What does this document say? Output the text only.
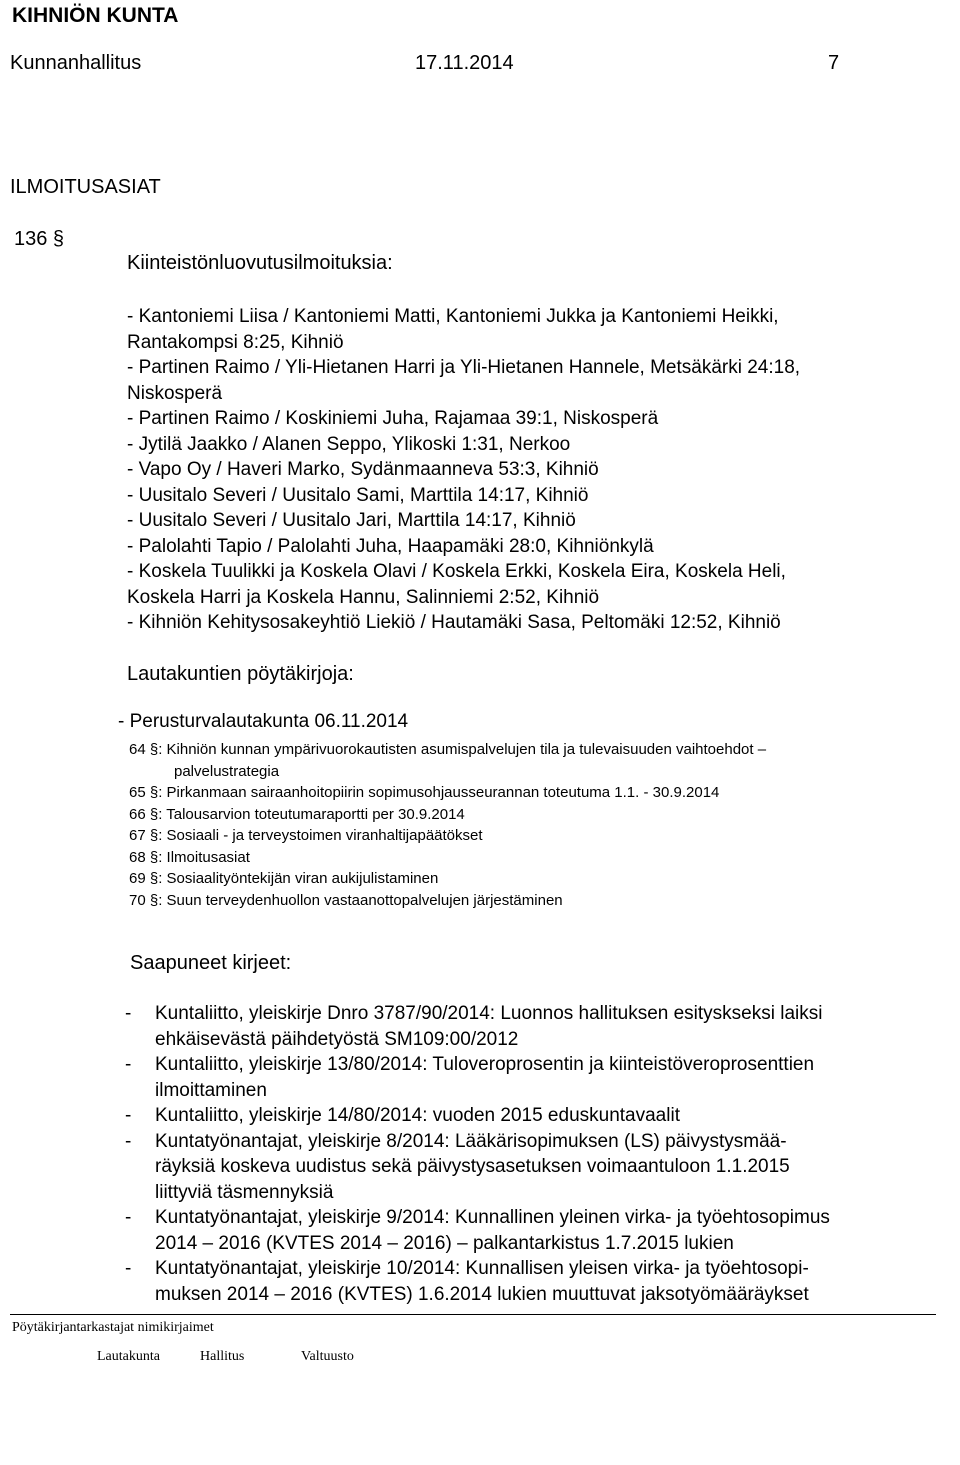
KIHNIÖN KUNTA
Kunnanhallitus	17.11.2014	7
ILMOITUSASIAT
136 §
Kiinteistönluovutusilmoituksia:
- Kantoniemi Liisa / Kantoniemi Matti, Kantoniemi Jukka ja Kantoniemi Heikki,
Rantakompsi 8:25, Kihniö
- Partinen Raimo / Yli-Hietanen Harri ja Yli-Hietanen Hannele, Metsäkärki 24:18,
Niskosperä
- Partinen Raimo / Koskiniemi Juha, Rajamaa 39:1, Niskosperä
- Jytilä Jaakko / Alanen Seppo, Ylikoski 1:31, Nerkoo
- Vapo Oy / Haveri Marko, Sydänmaanneva 53:3, Kihniö
- Uusitalo Severi / Uusitalo Sami, Marttila 14:17, Kihniö
- Uusitalo Severi / Uusitalo Jari, Marttila 14:17, Kihniö
- Palolahti Tapio / Palolahti Juha, Haapamäki 28:0, Kihniönkylä
- Koskela Tuulikki ja Koskela Olavi / Koskela Erkki, Koskela Eira, Koskela Heli,
Koskela Harri ja Koskela Hannu, Salinniemi 2:52, Kihniö
- Kihniön Kehitysosakeyhtiö Liekiö / Hautamäki Sasa, Peltomäki 12:52, Kihniö
Lautakuntien pöytäkirjoja:
- Perusturvalautakunta 06.11.2014
64 §: Kihniön kunnan ympärivuorokautisten asumispalvelujen tila ja tulevaisuuden vaihtoehdot –
palvelustrategia
65 §: Pirkanmaan sairaanhoitopiirin sopimusohjausseurannan toteutuma 1.1. - 30.9.2014
66 §: Talousarvion toteutumaraportti per 30.9.2014
67 §: Sosiaali - ja terveystoimen viranhaltijapäätökset
68 §: Ilmoitusasiat
69 §: Sosiaalityöntekijän viran aukijulistaminen
70 §: Suun terveydenhuollon vastaanottopalvelujen järjestäminen
Saapuneet kirjeet:
-	Kuntaliitto, yleiskirje Dnro 3787/90/2014: Luonnos hallituksen esityskseksi laiksi
ehkäisevästä päihdetyöstä SM109:00/2012
-	Kuntaliitto, yleiskirje 13/80/2014: Tuloveroprosentin ja kiinteistöveroprosenttien
ilmoittaminen
-	Kuntaliitto, yleiskirje 14/80/2014: vuoden 2015 eduskuntavaalit
-	Kuntatyönantajat, yleiskirje 8/2014: Lääkärisopimuksen (LS) päivystysmää-
räyksiä koskeva uudistus sekä päivystysasetuksen voimaantuloon 1.1.2015
liittyviä täsmennyksiä
-	Kuntatyönantajat, yleiskirje 9/2014: Kunnallinen yleinen virka- ja työehtosopimus
2014 – 2016 (KVTES 2014 – 2016) – palkantarkistus 1.7.2015 lukien
-	Kuntatyönantajat, yleiskirje 10/2014: Kunnallisen yleisen virka- ja työehtosopi-
muksen 2014 – 2016 (KVTES) 1.6.2014 lukien muuttuvat jaksotyömääräykset
Pöytäkirjantarkastajat nimikirjaimet
Lautakunta	Hallitus	Valtuusto
